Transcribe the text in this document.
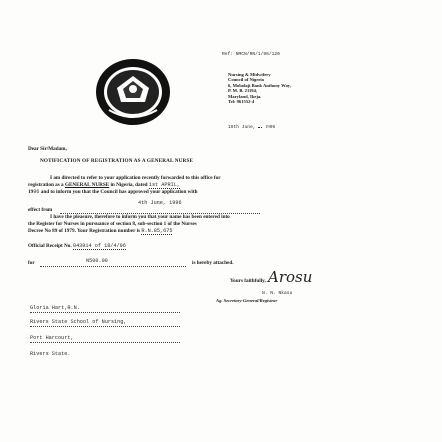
Ref: NMCN/RN/1/96/120
Nursing & Midwifery
Council of Nigeria
6, Mobolaji Bank Anthony Way,
P. M. B. 21194,
Maryland, Ikeja.
Tel: 961552-4
19th June, 1996
Dear Sir/Madam,
NOTIFICATION OF REGISTRATION AS A GENERAL NURSE
I am directed to refer to your application recently forwarded to this office for
registration as a GENERAL NURSE in Nigeria, dated 1st APRIL,
1996 and to inform you that the Council has approved your application with
4th June, 1996
effect from
I have the pleasure, therefore to inform you that your name has been entered into
the Register for Nurses in pursuance of section 8, sub-section 1 of the Nurses
Decree No 89 of 1979. Your Registration number is R.N.85,675
Official Receipt No. 043914 of 18/4/96
for	N500.00	is hereby attached.
Yours faithfully, Arosu
N. N. Nkasu
Ag. Secretary-General/Registrar
Gloria Hart,R.N.
Rivers State School of Nursing,
Port Harcourt,
Rivers State.
